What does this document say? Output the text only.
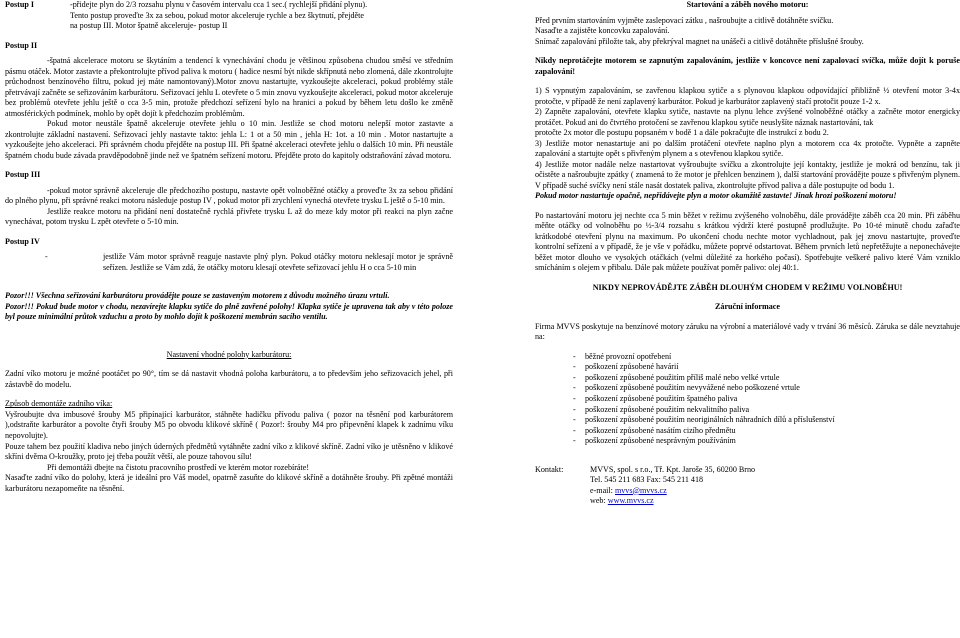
Postup I	-přidejte plyn do 2/3 rozsahu plynu v časovém intervalu cca 1 sec.( rychlejší přidání plynu).

Tento postup proveďte 3x za sebou, pokud motor akceleruje rychle a bez škytnutí, přejděte

na postup III. Motor špatně akceleruje- postup II

Postup II

-špatná akcelerace motoru se škytáním a tendencí k vynechávání chodu je většinou způsobena chudou směsí ve středním pásmu otáček. Motor zastavte a překontrolujte přívod paliva k motoru ( hadice nesmí být nikde skřípnutá nebo zlomená, dále zkontrolujte průchodnost benzínového filtru, pokud jej máte namontovaný).Motor znovu nastartujte, vyzkoušejte akceleraci, pokud problémy stále přetrvávají začněte se seřizováním karburátoru. Seřizovací jehlu L otevřete o 5 min znovu vyzkoušejte akceleraci, pokud motor akceleruje bez problémů otevřete jehlu ještě o cca 3-5 min, protože předchozí seřízení bylo na hranici a pokud by během letu došlo ke změně atmosférických podmínek, mohlo by opět dojít k předchozím problémům.

Pokud motor neustále špatně akceleruje otevřete jehlu o 10 min. Jestliže se chod motoru nelepší motor zastavte a zkontrolujte základní nastavení. Seřizovací jehly nastavte takto: jehla L: 1 ot a 50 min , jehla H: 1ot. a 10 min . Motor nastartujte a vyzkoušejte jeho akceleraci. Při správném chodu přejděte na postup III. Při špatné akceleraci otevřete jehlu o dalších 10 min. Při neustále špatném chodu bude závada pravděpodobně jinde než ve špatném seřízení motoru. Přejděte proto do kapitoly odstraňování závad motoru.

Postup III

-pokud motor správně akceleruje dle předchozího postupu, nastavte opět volnoběžné otáčky a proveďte 3x za sebou přidání do plného plynu, při správné reakci motoru následuje postup IV , pokud motor při zrychlení vynechá otevřete trysku L ještě o 5-10 min.

Jestliže reakce motoru na přidání není dostatečně rychlá přivřete trysku L až do meze kdy motor při reakci na plyn začne vynechávat, potom trysku L zpět otevřete o 5-10 min.

Postup IV

-	jestliže Vám motor správně reaguje nastavte plný plyn. Pokud otáčky motoru neklesají motor je správně seřízen. Jestliže se Vám zdá, že otáčky motoru klesají otevřete seřizovací jehlu H o cca 5-10 min

Pozor!!! Všechna seřizování karburátoru provádějte pouze se zastaveným motorem z důvodu možného úrazu vrtulí.

Pozor!!! Pokud bude motor v chodu, nezavírejte klapku sytiče do plně zavřené polohy! Klapka sytiče je upravena tak aby v této poloze byl pouze minimální průtok vzduchu a proto by mohlo dojít k poškození membrán sacího ventilu.

Nastavení vhodné polohy karburátoru:

Zadní víko motoru je možné pootáčet po 90°, tím se dá nastavit vhodná poloha karburátoru, a to především jeho seřizovacích jehel, při zástavbě do modelu.

Způsob demontáže zadního víka:

Vyšroubujte dva imbusové šrouby M5 připínající karburátor, stáhněte hadičku přívodu paliva ( pozor na těsnění pod karburátorem ),odstraňte karburátor a povolte čtyři šrouby M5 po obvodu klikové skříně ( Pozor!: šrouby M4 pro připevnění klapek k zadnímu víku nepovolujte).

Pouze tahem bez použití kladiva nebo jiných úderných předmětů vytáhněte zadní víko z klikové skříně. Zadní víko je utěsněno v klikové skříni dvěma O-kroužky, proto jej třeba použít větší, ale pouze tahovou sílu!

Při demontáži dbejte na čistotu pracovního prostředí ve kterém motor rozebíráte!

Nasaďte zadní víko do polohy, která je ideální pro Váš model, opatrně zasuňte do klikové skříně a dotáhněte šrouby. Při zpětné montáži karburátoru nezapomeňte na těsnění.

Startování a záběh nového motoru:

Před prvním startováním vyjměte zaslepovací zátku , našroubujte a citlivě dotáhněte svíčku.

Nasaďte a zajistěte koncovku zapalování.

Snímač zapalování přiložte tak, aby překrýval magnet na unášeči a citlivě dotáhněte příslušné šrouby.

Nikdy neprotáčejte motorem se zapnutým zapalováním, jestliže v koncovce není zapalovací svíčka, může dojít k poruše zapalování!

1) S vypnutým zapalováním, se zavřenou klapkou sytiče a s plynovou klapkou odpovídající přibližně ½ otevření motor 3-4x protočte, v případě že není zaplavený karburátor. Pokud je karburátor zaplavený stačí protočit pouze 1-2 x.

2) Zapněte zapalování, otevřete klapku sytiče, nastavte na plynu lehce zvýšené volnoběžné otáčky a začněte motor energicky protáčet. Pokud ani do čtvrtého protočení se zavřenou klapkou sytiče neuslyšíte náznak nastartování, tak

protočte 2x motor dle postupu popsaném v bodě 1 a dále pokračujte dle instrukcí z bodu 2.

3) Jestliže motor nenastartuje ani po dalším protáčení otevřete naplno plyn a motorem cca 4x protočte. Vypněte a zapněte zapalování a startujte opět s přivřeným plynem a s otevřenou klapkou sytiče.

4) Jestliže motor nadále nelze nastartovat vyšroubujte svíčku a zkontrolujte její kontakty, jestliže je mokrá od benzínu, tak ji očistěte a našroubujte zpátky ( znamená to že motor je přehlcen benzinem ), další startování provádějte pouze s přivřeným plynem. V případě suché svíčky není stále nasát dostatek paliva, zkontrolujte přívod paliva a dále postupujte od bodu 1.

Pokud motor nastartuje opačně, nepřidávejte plyn a motor okamžitě zastavte! Jinak hrozí poškození motoru!

Po nastartování motoru jej nechte cca 5 min běžet v režimu zvýšeného volnoběhu, dále provádějte záběh cca 20 min. Při záběhu měňte otáčky od volnoběhu po ½-3/4 rozsahu s krátkou výdrží které postupně prodlužujte. Po 10-té minutě chodu zařaďte krátkodobé otevření plynu na maximum. Po ukončení chodu nechte motor vychladnout, pak jej znovu nastartujte, proveďte kontrolní seřízení a v případě, že je vše v pořádku, můžete poprvé odstartovat. Během prvních letů nepřetěžujte a neponechávejte běžet motor dlouho ve vysokých otáčkách (velmi důležité za horkého počasí). Spotřebujte veškeré palivo které Vám vzniklo smícháním s olejem v přibalu. Dále pak můžete používat poměr palivo: olej 40:1.

NIKDY NEPROVÁDĚJTE ZÁBĚH DLOUHÝM CHODEM V REŽIMU VOLNOBĚHU!

Záruční informace

Firma MVVS poskytuje na benzínové motory záruku na výrobní a materiálové vady v trvání 36 měsíců. Záruka se dále nevztahuje na:

- běžné provozní opotřebení
- poškození způsobené havárií
- poškození způsobené použitím příliš malé nebo velké vrtule
- poškození způsobené použitím nevyvážené nebo poškozené vrtule
- poškození způsobené použitím špatného paliva
- poškození způsobené použitím nekvalitního paliva
- poškození způsobené použitím neoriginálních náhradních dílů a příslušenství
- poškození způsobené nasátím cizího předmětu
- poškození způsobené nesprávným používáním
Kontakt:	MVVS, spol. s r.o., Tř. Kpt. Jaroše 35, 60200 Brno

Tel. 545 211 683 Fax: 545 211 418

e-mail: mvvs@mvvs.cz

web: www.mvvs.cz
